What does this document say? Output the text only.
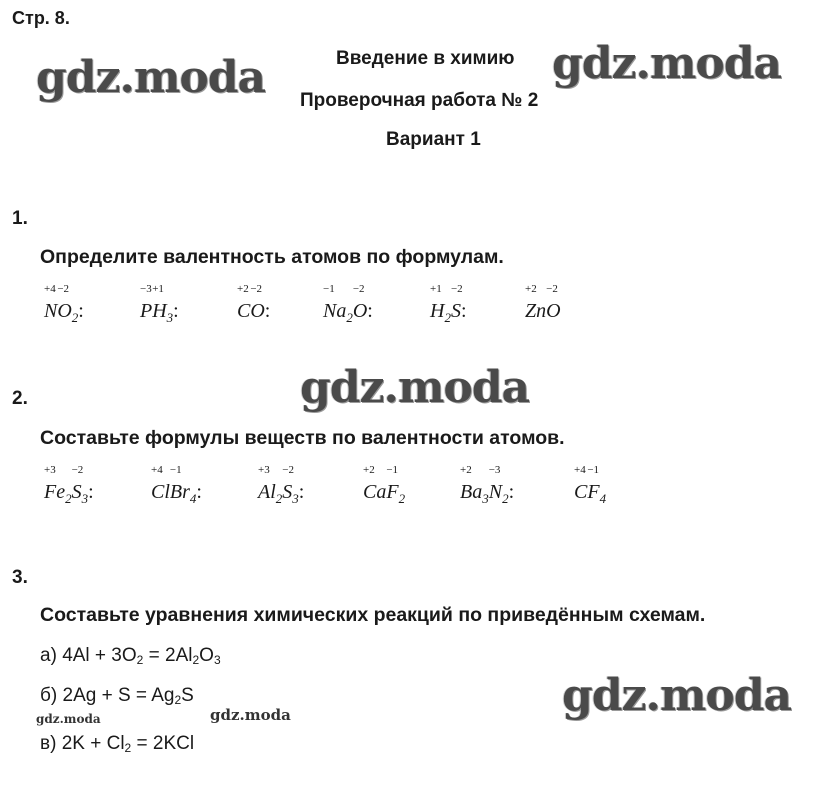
Стр. 8.
Введение в химию
Проверочная работа № 2
Вариант 1
gdz.moda	gdz.moda
gdz.moda
gdz.moda
gdz.moda	gdz.moda
1.
Определите валентность атомов по формулам.
N
+4
O
−2
$_2$:	P
−3
H
+1
$_3$:	C
+2
O
−2
:	Na
−1
$_2$O
−2
:	H
+1
$_2$S
−2
:	Zn
+2
O
−2
2.
Составьте формулы веществ по валентности атомов.
Fe
+3
$_2$S
−2
$_3$:	Cl
+4
Br
−1
$_4$:	Al
+3
$_2$S
−2
$_3$:	Ca
+2
F
−1
$_2$	Ba
+2
$_3$N
−3
$_2$:	C
+4
F
−1
$_4$
3.
Составьте уравнения химических реакций по приведённым схемам.
а) $4Al + 3O_2 = 2Al_2O_3$
б) $2Ag + S = Ag_2S$
в) $2K + Cl_2 = 2KCl$
